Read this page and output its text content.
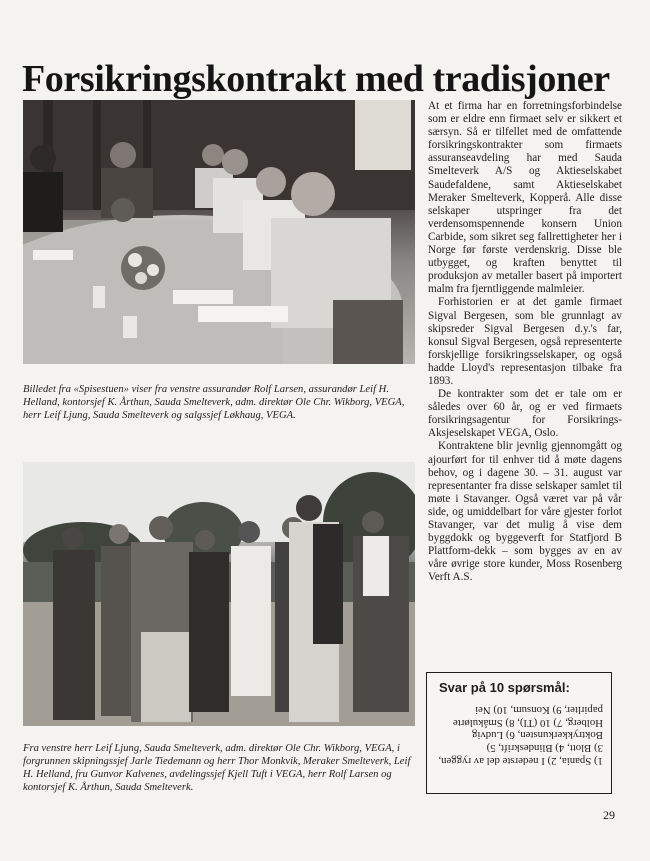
Forsikringskontrakt med tradisjoner

Billedet fra «Spisestuen» viser fra venstre assurandør Rolf Larsen, assurandør Leif H. Helland, kontorsjef K. Årthun, Sauda Smelteverk, adm. direktør Ole Chr. Wikborg, VEGA, herr Leif Ljung, Sauda Smelteverk og salgssjef Løkhaug, VEGA.

Fra venstre herr Leif Ljung, Sauda Smelteverk, adm. direktør Ole Chr. Wikborg, VEGA, i forgrunnen skipningssjef Jarle Tiedemann og herr Thor Monkvik, Meraker Smelteverk, Leif H. Helland, fru Gunvor Kalvenes, avdelingssjef Kjell Tuft i VEGA, herr Rolf Larsen og kontorsjef K. Årthun, Sauda Smelteverk.

At et firma har en forretningsforbindelse som er eldre enn firmaet selv er sikkert et særsyn. Så er tilfellet med de omfattende forsikringskontrakter som firmaets assuranseavdeling har med Sauda Smelteverk A/S og Aktieselskabet Saudefaldene, samt Aktieselskabet Meraker Smelteverk, Kopperå. Alle disse selskaper utspringer fra det verdensomspennende konsern Union Carbide, som sikret seg fallrettigheter her i Norge før første verdenskrig. Disse ble utbygget, og kraften benyttet til produksjon av metaller basert på importert malm fra fjerntliggende malmleier.

Forhistorien er at det gamle firmaet Sigval Bergesen, som ble grunnlagt av skipsreder Sigval Bergesen d.y.'s far, konsul Sigval Bergesen, også representerte forskjellige forsikringsselskaper, og også hadde Lloyd's representasjon tilbake fra 1893.

De kontrakter som det er tale om er således over 60 år, og er ved firmaets forsikringsagentur for Forsikrings-Aksjeselskapet VEGA, Oslo.

Kontraktene blir jevnlig gjennomgått og ajourført for til enhver tid å møte dagens behov, og i dagene 30. – 31. august var representanter fra disse selskaper samlet til møte i Stavanger. Også været var på vår side, og umiddelbart for våre gjester forlot Stavanger, var det mulig å vise dem byggdokk og byggeverft for Statfjord B Plattform-dekk – som bygges av en av våre øvrige store kunder, Moss Rosenberg Verft A.S.

Svar på 10 spørsmål:
1) Spania, 2) I nederste del av ryggen, 3) Blott, 4) Blindeskrift, 5) Boktrykkerkunsten, 6) Ludvig Holberg, 7) 10 (TI), 8) Småkulørte papirlter, 9) Konsum, 10) Nei
29
